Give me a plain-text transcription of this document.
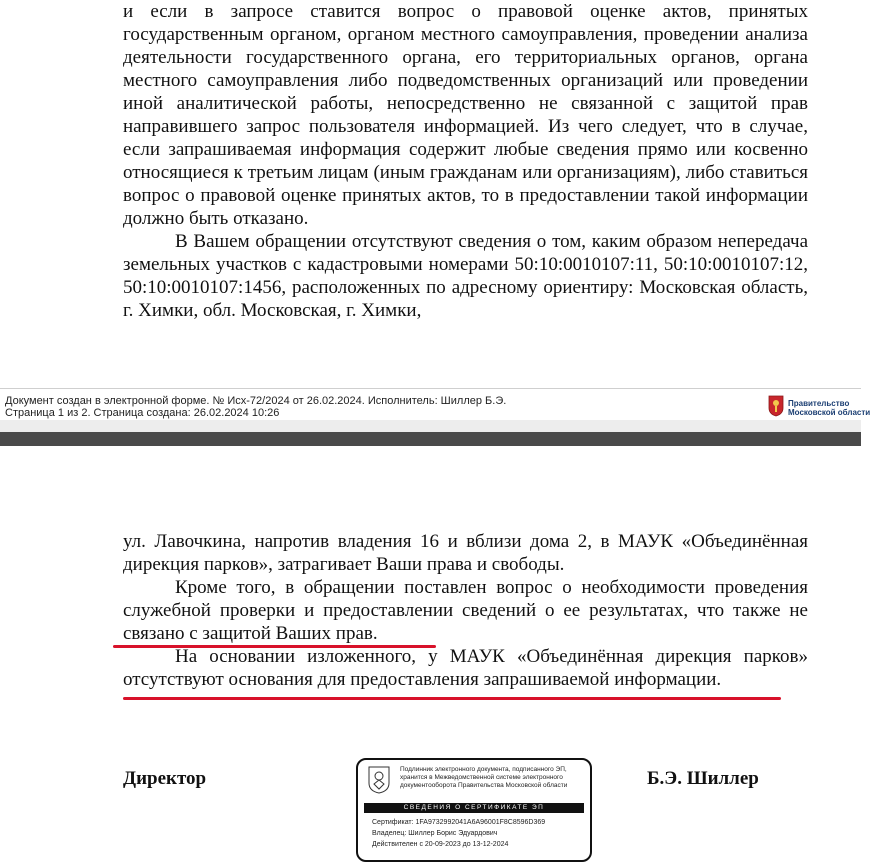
и если в запросе ставится вопрос о правовой оценке актов, принятых государственным органом, органом местного самоуправления, проведении анализа деятельности государственного органа, его территориальных органов, органа местного самоуправления либо подведомственных организаций или проведении иной аналитической работы, непосредственно не связанной с защитой прав направившего запрос пользователя информацией. Из чего следует, что в случае, если запрашиваемая информация содержит любые сведения прямо или косвенно относящиеся к третьим лицам (иным гражданам или организациям), либо ставиться вопрос о правовой оценке принятых актов, то в предоставлении такой информации должно быть отказано.

В Вашем обращении отсутствуют сведения о том, каким образом непередача земельных участков с кадастровыми номерами 50:10:0010107:11, 50:10:0010107:12, 50:10:0010107:1456, расположенных по адресному ориентиру: Московская область, г. Химки, обл. Московская, г. Химки,

Документ создан в электронной форме. № Исх-72/2024 от 26.02.2024. Исполнитель: Шиллер Б.Э.
Страница 1 из 2. Страница создана: 26.02.2024 10:26
Правительство
Московской области

ул. Лавочкина, напротив владения 16 и вблизи дома 2, в МАУК «Объединённая дирекция парков», затрагивает Ваши права и свободы.

Кроме того, в обращении поставлен вопрос о необходимости проведения служебной проверки и предоставлении сведений о ее результатах, что также не связано с защитой Ваших прав.

На основании изложенного, у МАУК «Объединённая дирекция парков» отсутствуют основания для предоставления запрашиваемой информации.

Директор	Б.Э. Шиллер
Подлинник электронного документа, подписанного ЭП, хранится в Межведомственной системе электронного документооборота Правительства Московской области
СВЕДЕНИЯ О СЕРТИФИКАТЕ ЭП
Сертификат: 1FA9732992041A6A96001F8C8596D369
Владелец: Шиллер Борис Эдуардович
Действителен с 20-09-2023 до 13-12-2024
